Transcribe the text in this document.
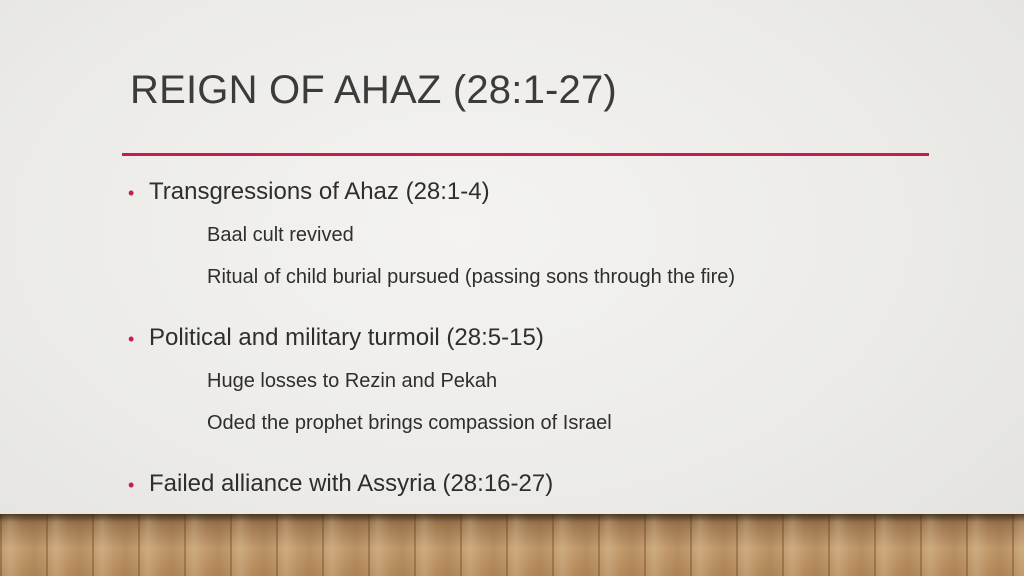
REIGN OF AHAZ (28:1-27)
• Transgressions of Ahaz (28:1-4)
Baal cult revived
Ritual of child burial pursued (passing sons through the fire)
• Political and military turmoil (28:5-15)
Huge losses to Rezin and Pekah
Oded the prophet brings compassion of Israel
• Failed alliance with Assyria (28:16-27)
